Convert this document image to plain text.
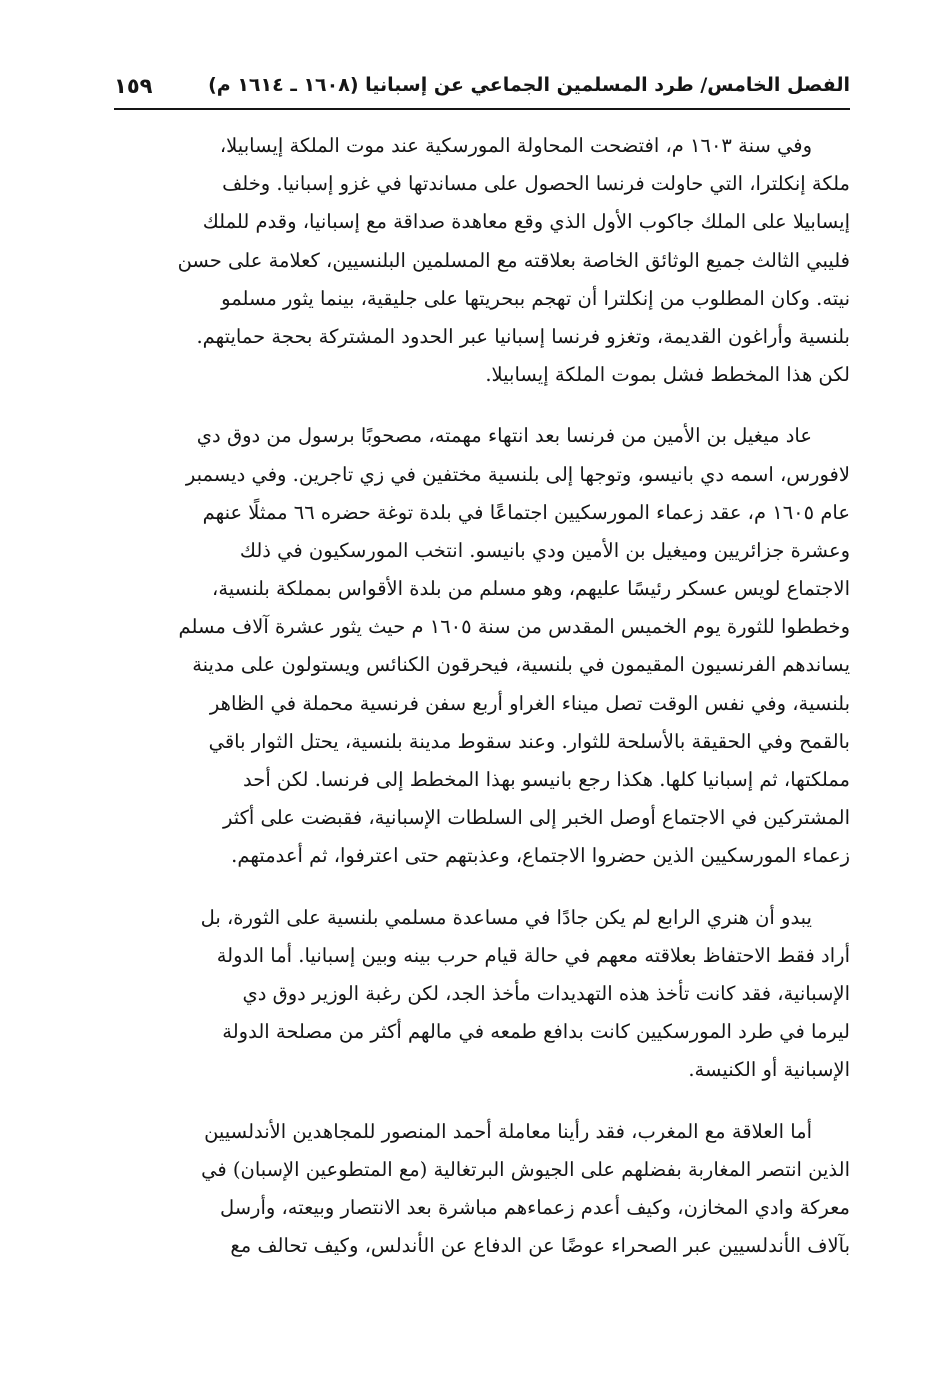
الفصل الخامس/ طرد المسلمين الجماعي عن إسبانيا (١٦٠٨ ـ ١٦١٤ م)
١٥٩

وفي سنة ١٦٠٣ م، افتضحت المحاولة المورسكية عند موت الملكة إيسابيلا،
ملكة إنكلترا، التي حاولت فرنسا الحصول على مساندتها في غزو إسبانيا. وخلف
إيسابيلا على الملك جاكوب الأول الذي وقع معاهدة صداقة مع إسبانيا، وقدم للملك
فليبي الثالث جميع الوثائق الخاصة بعلاقته مع المسلمين البلنسيين، كعلامة على حسن
نيته. وكان المطلوب من إنكلترا أن تهجم ببحريتها على جليقية، بينما يثور مسلمو
بلنسية وأراغون القديمة، وتغزو فرنسا إسبانيا عبر الحدود المشتركة بحجة حمايتهم.
لكن هذا المخطط فشل بموت الملكة إيسابيلا.

عاد ميغيل بن الأمين من فرنسا بعد انتهاء مهمته، مصحوبًا برسول من دوق دي
لافورس، اسمه دي بانيسو، وتوجها إلى بلنسية مختفين في زي تاجرين. وفي ديسمبر
عام ١٦٠٥ م، عقد زعماء المورسكيين اجتماعًا في بلدة توغة حضره ٦٦ ممثلًا عنهم
وعشرة جزائريين وميغيل بن الأمين ودي بانيسو. انتخب المورسكيون في ذلك
الاجتماع لويس عسكر رئيسًا عليهم، وهو مسلم من بلدة الأقواس بمملكة بلنسية،
وخططوا للثورة يوم الخميس المقدس من سنة ١٦٠٥ م حيث يثور عشرة آلاف مسلم
يساندهم الفرنسيون المقيمون في بلنسية، فيحرقون الكنائس ويستولون على مدينة
بلنسية، وفي نفس الوقت تصل ميناء الغراو أربع سفن فرنسية محملة في الظاهر
بالقمح وفي الحقيقة بالأسلحة للثوار. وعند سقوط مدينة بلنسية، يحتل الثوار باقي
مملكتها، ثم إسبانيا كلها. هكذا رجع بانيسو بهذا المخطط إلى فرنسا. لكن أحد
المشتركين في الاجتماع أوصل الخبر إلى السلطات الإسبانية، فقبضت على أكثر
زعماء المورسكيين الذين حضروا الاجتماع، وعذبتهم حتى اعترفوا، ثم أعدمتهم.

يبدو أن هنري الرابع لم يكن جادًا في مساعدة مسلمي بلنسية على الثورة، بل
أراد فقط الاحتفاظ بعلاقته معهم في حالة قيام حرب بينه وبين إسبانيا. أما الدولة
الإسبانية، فقد كانت تأخذ هذه التهديدات مأخذ الجد، لكن رغبة الوزير دوق دي
ليرما في طرد المورسكيين كانت بدافع طمعه في مالهم أكثر من مصلحة الدولة
الإسبانية أو الكنيسة.

أما العلاقة مع المغرب، فقد رأينا معاملة أحمد المنصور للمجاهدين الأندلسيين
الذين انتصر المغاربة بفضلهم على الجيوش البرتغالية (مع المتطوعين الإسبان) في
معركة وادي المخازن، وكيف أعدم زعماءهم مباشرة بعد الانتصار وبيعته، وأرسل
بآلاف الأندلسيين عبر الصحراء عوضًا عن الدفاع عن الأندلس، وكيف تحالف مع
